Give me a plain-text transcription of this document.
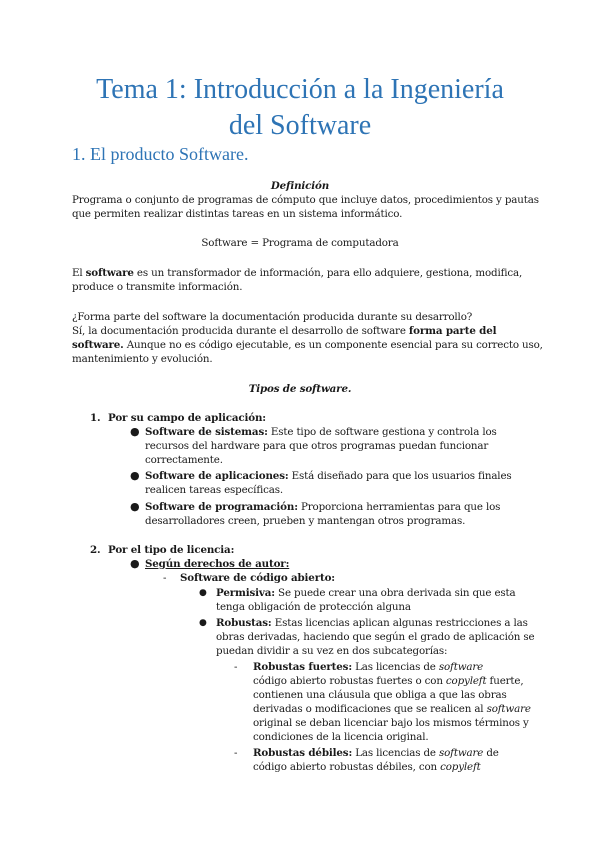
Tema 1: Introducción a la Ingeniería
del Software
1. El producto Software.
Definición
Programa o conjunto de programas de cómputo que incluye datos, procedimientos y pautas
que permiten realizar distintas tareas en un sistema informático.
Software = Programa de computadora
El software es un transformador de información, para ello adquiere, gestiona, modifica,
produce o transmite información.
¿Forma parte del software la documentación producida durante su desarrollo?
Sí, la documentación producida durante el desarrollo de software forma parte del
software. Aunque no es código ejecutable, es un componente esencial para su correcto uso,
mantenimiento y evolución.
Tipos de software.
1. Por su campo de aplicación:
● Software de sistemas: Este tipo de software gestiona y controla los
recursos del hardware para que otros programas puedan funcionar
correctamente.
● Software de aplicaciones: Está diseñado para que los usuarios finales
realicen tareas específicas.
● Software de programación: Proporciona herramientas para que los
desarrolladores creen, prueben y mantengan otros programas.
2. Por el tipo de licencia:
● Según derechos de autor:
- Software de código abierto:
● Permisiva: Se puede crear una obra derivada sin que esta
tenga obligación de protección alguna
● Robustas: Estas licencias aplican algunas restricciones a las
obras derivadas, haciendo que según el grado de aplicación se
puedan dividir a su vez en dos subcategorías:
- Robustas fuertes: Las licencias de software
código abierto robustas fuertes o con copyleft fuerte,
contienen una cláusula que obliga a que las obras
derivadas o modificaciones que se realicen al software
original se deban licenciar bajo los mismos términos y
condiciones de la licencia original.
- Robustas débiles: Las licencias de software de
código abierto robustas débiles, con copyleft
